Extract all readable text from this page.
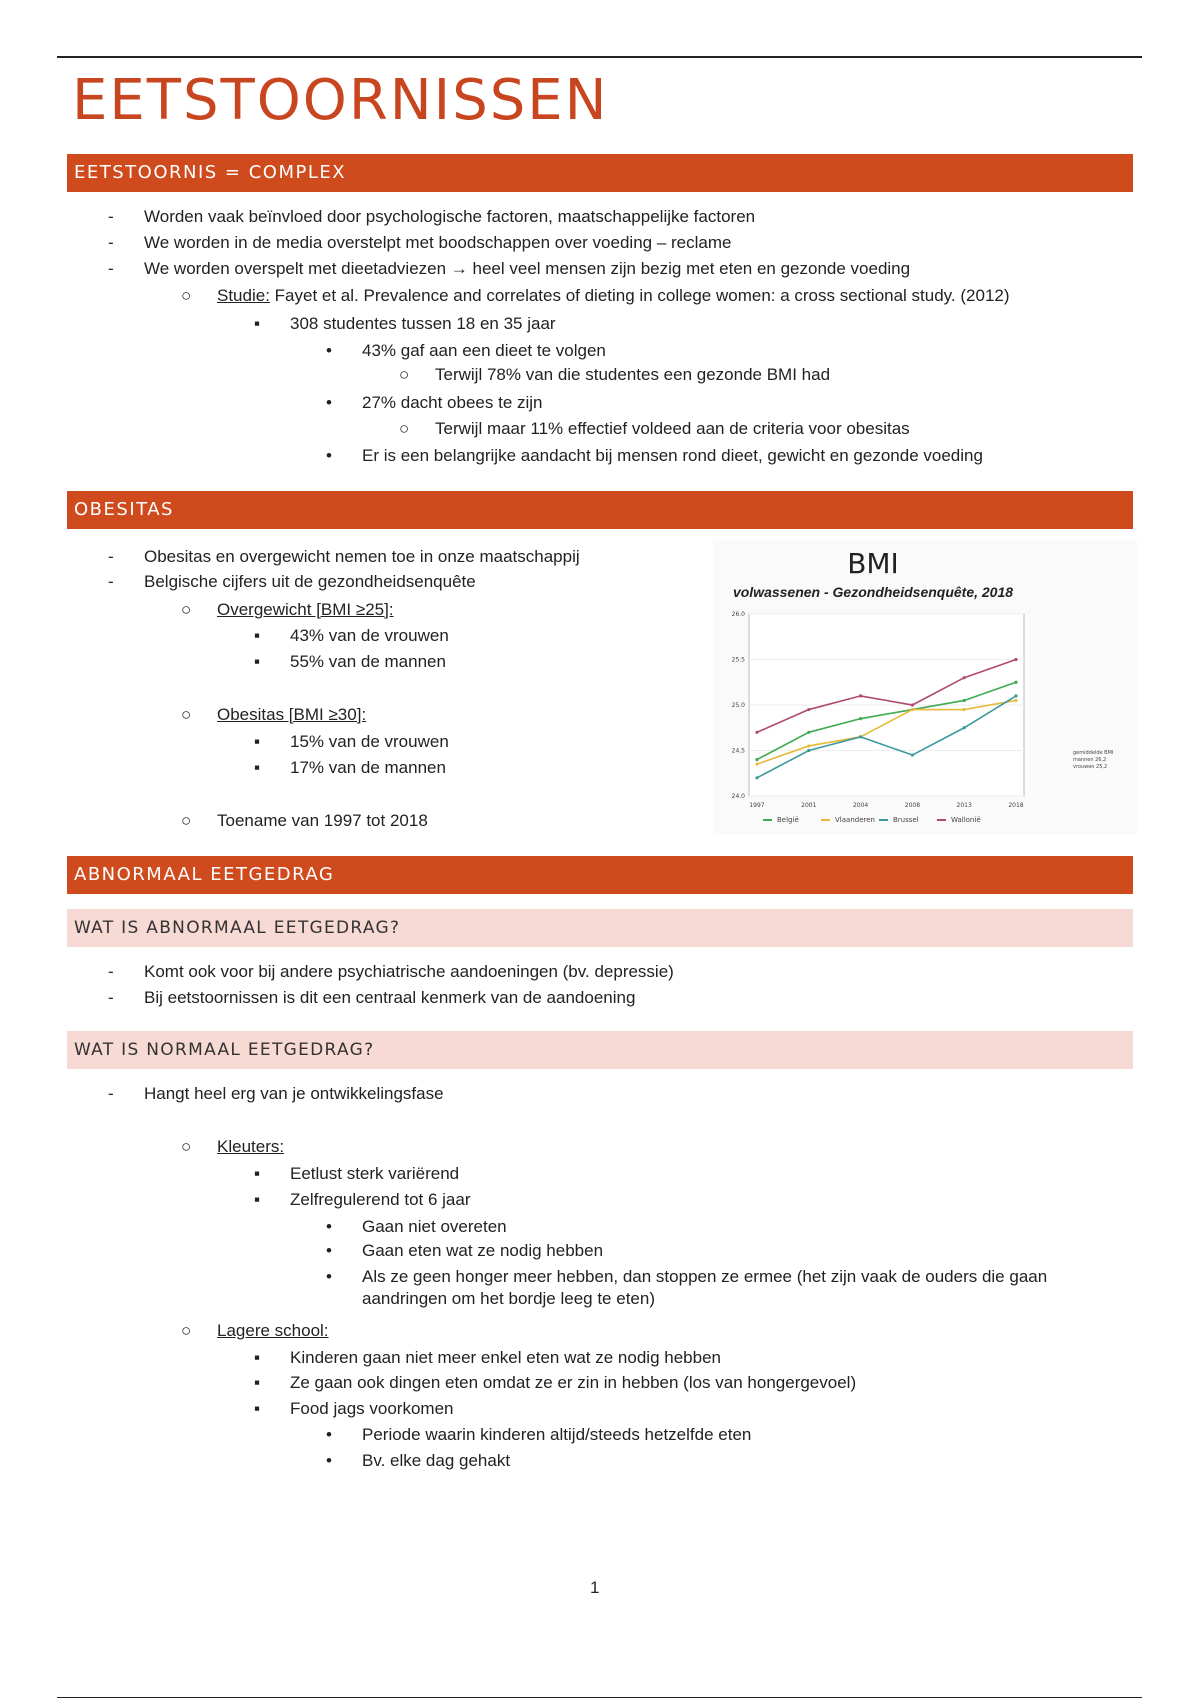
EETSTOORNISSEN
EETSTOORNIS = COMPLEX
- Worden vaak beïnvloed door psychologische factoren, maatschappelijke factoren
- We worden in de media overstelpt met boodschappen over voeding – reclame
- We worden overspelt met dieetadviezen → heel veel mensen zijn bezig met eten en gezonde voeding
○ Studie: Fayet et al. Prevalence and correlates of dieting in college women: a cross sectional study. (2012)
▪ 308 studentes tussen 18 en 35 jaar
• 43% gaf aan een dieet te volgen
○ Terwijl 78% van die studentes een gezonde BMI had
• 27% dacht obees te zijn
○ Terwijl maar 11% effectief voldeed aan de criteria voor obesitas
• Er is een belangrijke aandacht bij mensen rond dieet, gewicht en gezonde voeding
OBESITAS
- Obesitas en overgewicht nemen toe in onze maatschappij
- Belgische cijfers uit de gezondheidsenquête
○ Overgewicht [BMI ≥25]:
▪ 43% van de vrouwen
▪ 55% van de mannen
○ Obesitas [BMI ≥30]:
▪ 15% van de vrouwen
▪ 17% van de mannen
○ Toename van 1997 tot 2018
BMI
volwassenen - Gezondheidsenquête, 2018
26.0
25.5
25.0
24.5
24.0
1997	2001	2004	2008	2013	2018
België	Vlaanderen	Brussel	Wallonië
gemiddelde BMI
mannen 26,2
vrouwen 25,2
ABNORMAAL EETGEDRAG
WAT IS ABNORMAAL EETGEDRAG?
- Komt ook voor bij andere psychiatrische aandoeningen (bv. depressie)
- Bij eetstoornissen is dit een centraal kenmerk van de aandoening
WAT IS NORMAAL EETGEDRAG?
- Hangt heel erg van je ontwikkelingsfase
○ Kleuters:
▪ Eetlust sterk variërend
▪ Zelfregulerend tot 6 jaar
• Gaan niet overeten
• Gaan eten wat ze nodig hebben
• Als ze geen honger meer hebben, dan stoppen ze ermee (het zijn vaak de ouders die gaan aandringen om het bordje leeg te eten)
○ Lagere school:
▪ Kinderen gaan niet meer enkel eten wat ze nodig hebben
▪ Ze gaan ook dingen eten omdat ze er zin in hebben (los van hongergevoel)
▪ Food jags voorkomen
• Periode waarin kinderen altijd/steeds hetzelfde eten
• Bv. elke dag gehakt
1
